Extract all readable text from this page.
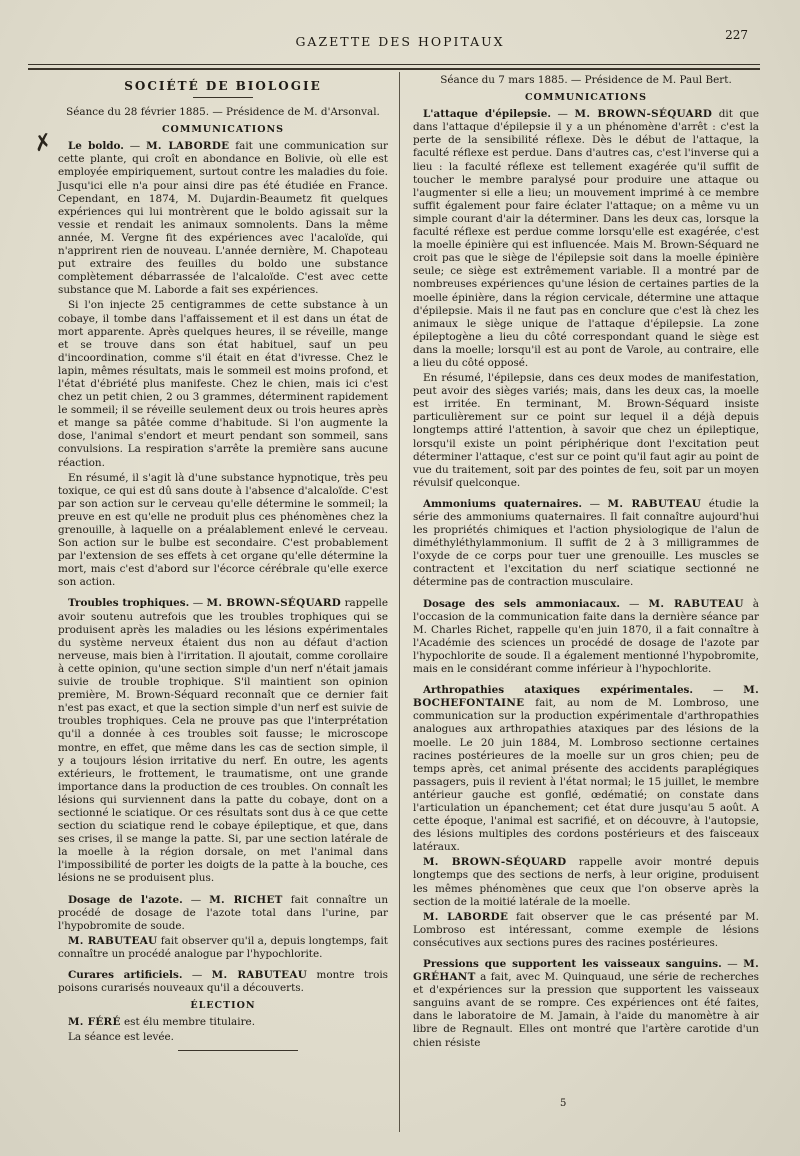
GAZETTE DES HOPITAUX	227
✗
SOCIÉTÉ DE BIOLOGIE

Séance du 28 février 1885. — Présidence de M. d'Arsonval.

COMMUNICATIONS

Le boldo. — M. LABORDE fait une communication sur cette plante, qui croît en abondance en Bolivie, où elle est employée empiriquement, surtout contre les maladies du foie. Jusqu'ici elle n'a pour ainsi dire pas été étudiée en France. Cependant, en 1874, M. Dujardin-Beaumetz fit quelques expériences qui lui montrèrent que le boldo agissait sur la vessie et rendait les animaux somnolents. Dans la même année, M. Vergne fit des expériences avec l'acaloïde, qui n'apprirent rien de nouveau. L'année dernière, M. Chapoteau put extraire des feuilles du boldo une substance complètement débarrassée de l'alcaloïde. C'est avec cette substance que M. Laborde a fait ses expériences.

Si l'on injecte 25 centigrammes de cette substance à un cobaye, il tombe dans l'affaissement et il est dans un état de mort apparente. Après quelques heures, il se réveille, mange et se trouve dans son état habituel, sauf un peu d'incoordination, comme s'il était en état d'ivresse. Chez le lapin, mêmes résultats, mais le sommeil est moins profond, et l'état d'ébriété plus manifeste. Chez le chien, mais ici c'est chez un petit chien, 2 ou 3 grammes, déterminent rapidement le sommeil; il se réveille seulement deux ou trois heures après et mange sa pâtée comme d'habitude. Si l'on augmente la dose, l'animal s'endort et meurt pendant son sommeil, sans convulsions. La respiration s'arrête la première sans aucune réaction.

En résumé, il s'agit là d'une substance hypnotique, très peu toxique, ce qui est dû sans doute à l'absence d'alcaloïde. C'est par son action sur le cerveau qu'elle détermine le sommeil; la preuve en est qu'elle ne produit plus ces phénomènes chez la grenouille, à laquelle on a préalablement enlevé le cerveau. Son action sur le bulbe est secondaire. C'est probablement par l'extension de ses effets à cet organe qu'elle détermine la mort, mais c'est d'abord sur l'écorce cérébrale qu'elle exerce son action.

Troubles trophiques. — M. BROWN-SÉQUARD rappelle avoir soutenu autrefois que les troubles trophiques qui se produisent après les maladies ou les lésions expérimentales du système nerveux étaient dus non au défaut d'action nerveuse, mais bien à l'irritation. Il ajoutait, comme corollaire à cette opinion, qu'une section simple d'un nerf n'était jamais suivie de trouble trophique. S'il maintient son opinion première, M. Brown-Séquard reconnaît que ce dernier fait n'est pas exact, et que la section simple d'un nerf est suivie de troubles trophiques. Cela ne prouve pas que l'interprétation qu'il a donnée à ces troubles soit fausse; le microscope montre, en effet, que même dans les cas de section simple, il y a toujours lésion irritative du nerf. En outre, les agents extérieurs, le frottement, le traumatisme, ont une grande importance dans la production de ces troubles. On connaît les lésions qui surviennent dans la patte du cobaye, dont on a sectionné le sciatique. Or ces résultats sont dus à ce que cette section du sciatique rend le cobaye épileptique, et que, dans ses crises, il se mange la patte. Si, par une section latérale de la moelle à la région dorsale, on met l'animal dans l'impossibilité de porter les doigts de la patte à la bouche, ces lésions ne se produisent plus.

Dosage de l'azote. — M. RICHET fait connaître un procédé de dosage de l'azote total dans l'urine, par l'hypobromite de soude.

M. RABUTEAU fait observer qu'il a, depuis longtemps, fait connaître un procédé analogue par l'hypochlorite.

Curares artificiels. — M. RABUTEAU montre trois poisons curarisés nouveaux qu'il a découverts.

ÉLECTION

M. FÉRÉ est élu membre titulaire.

La séance est levée.

Séance du 7 mars 1885. — Présidence de M. Paul Bert.

COMMUNICATIONS

L'attaque d'épilepsie. — M. BROWN-SÉQUARD dit que dans l'attaque d'épilepsie il y a un phénomène d'arrêt : c'est la perte de la sensibilité réflexe. Dès le début de l'attaque, la faculté réflexe est perdue. Dans d'autres cas, c'est l'inverse qui a lieu : la faculté réflexe est tellement exagérée qu'il suffit de toucher le membre paralysé pour produire une attaque ou l'augmenter si elle a lieu; un mouvement imprimé à ce membre suffit également pour faire éclater l'attaque; on a même vu un simple courant d'air la déterminer. Dans les deux cas, lorsque la faculté réflexe est perdue comme lorsqu'elle est exagérée, c'est la moelle épinière qui est influencée. Mais M. Brown-Séquard ne croit pas que le siège de l'épilepsie soit dans la moelle épinière seule; ce siège est extrêmement variable. Il a montré par de nombreuses expériences qu'une lésion de certaines parties de la moelle épinière, dans la région cervicale, détermine une attaque d'épilepsie. Mais il ne faut pas en conclure que c'est là chez les animaux le siège unique de l'attaque d'épilepsie. La zone épileptogène a lieu du côté correspondant quand le siège est dans la moelle; lorsqu'il est au pont de Varole, au contraire, elle a lieu du côté opposé.

En résumé, l'épilepsie, dans ces deux modes de manifestation, peut avoir des sièges variés; mais, dans les deux cas, la moelle est irritée. En terminant, M. Brown-Séquard insiste particulièrement sur ce point sur lequel il a déjà depuis longtemps attiré l'attention, à savoir que chez un épileptique, lorsqu'il existe un point périphérique dont l'excitation peut déterminer l'attaque, c'est sur ce point qu'il faut agir au point de vue du traitement, soit par des pointes de feu, soit par un moyen révulsif quelconque.

Ammoniums quaternaires. — M. RABUTEAU étudie la série des ammoniums quaternaires. Il fait connaître aujourd'hui les propriétés chimiques et l'action physiologique de l'alun de diméthyléthylammonium. Il suffit de 2 à 3 milligrammes de l'oxyde de ce corps pour tuer une grenouille. Les muscles se contractent et l'excitation du nerf sciatique sectionné ne détermine pas de contraction musculaire.

Dosage des sels ammoniacaux. — M. RABUTEAU à l'occasion de la communication faite dans la dernière séance par M. Charles Richet, rappelle qu'en juin 1870, il a fait connaître à l'Académie des sciences un procédé de dosage de l'azote par l'hypochlorite de soude. Il a également mentionné l'hypobromite, mais en le considérant comme inférieur à l'hypochlorite.

Arthropathies ataxiques expérimentales. — M. BOCHEFONTAINE fait, au nom de M. Lombroso, une communication sur la production expérimentale d'arthropathies analogues aux arthropathies ataxiques par des lésions de la moelle. Le 20 juin 1884, M. Lombroso sectionne certaines racines postérieures de la moelle sur un gros chien; peu de temps après, cet animal présente des accidents paraplégiques passagers, puis il revient à l'état normal; le 15 juillet, le membre antérieur gauche est gonflé, œdématié; on constate dans l'articulation un épanchement; cet état dure jusqu'au 5 août. A cette époque, l'animal est sacrifié, et on découvre, à l'autopsie, des lésions multiples des cordons postérieurs et des faisceaux latéraux.

M. BROWN-SÉQUARD rappelle avoir montré depuis longtemps que des sections de nerfs, à leur origine, produisent les mêmes phénomènes que ceux que l'on observe après la section de la moitié latérale de la moelle.

M. LABORDE fait observer que le cas présenté par M. Lombroso est intéressant, comme exemple de lésions consécutives aux sections pures des racines postérieures.

Pressions que supportent les vaisseaux sanguins. — M. GRÉHANT a fait, avec M. Quinquaud, une série de recherches et d'expériences sur la pression que supportent les vaisseaux sanguins avant de se rompre. Ces expériences ont été faites, dans le laboratoire de M. Jamain, à l'aide du manomètre à air libre de Regnault. Elles ont montré que l'artère carotide d'un chien résiste

5
